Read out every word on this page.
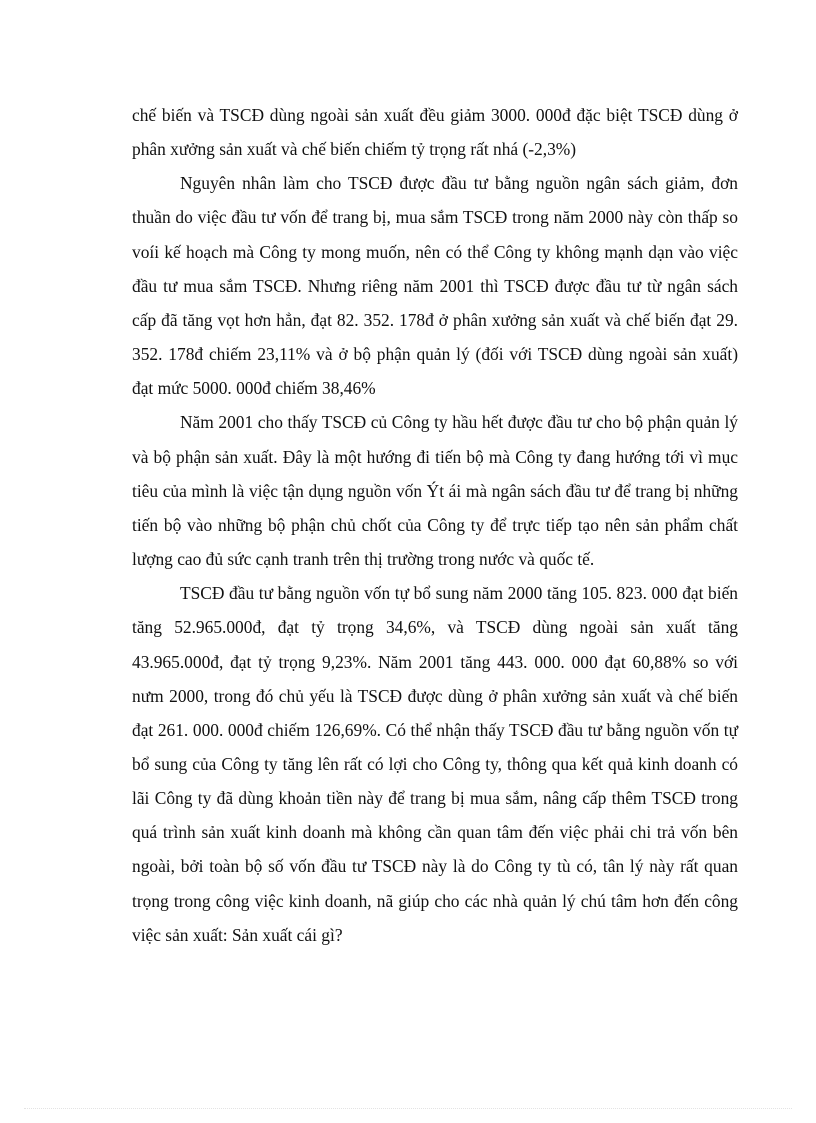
chế biến và TSCĐ dùng ngoài sản xuất đều giảm 3000. 000đ đặc biệt TSCĐ dùng ở phân xưởng sản xuất và chế biến chiếm tỷ trọng rất nhá (-2,3%)

Nguyên nhân làm cho TSCĐ được đầu tư bằng nguồn ngân sách giảm, đơn thuần do việc đầu tư vốn để trang bị, mua sắm TSCĐ trong năm 2000 này còn thấp so voíi kế hoạch mà Công ty mong muốn, nên có thể Công ty không mạnh dạn vào việc đầu tư mua sắm TSCĐ. Nhưng riêng năm 2001 thì TSCĐ được đầu tư từ ngân sách cấp đã tăng vọt hơn hẳn, đạt 82. 352. 178đ ở phân xưởng sản xuất và chế biến đạt 29. 352. 178đ chiếm 23,11% và ở bộ phận quản lý (đối với TSCĐ dùng ngoài sản xuất) đạt mức 5000. 000đ chiếm 38,46%

Năm 2001 cho thấy TSCĐ củ Công ty hầu hết được đầu tư cho bộ phận quản lý và bộ phận sản xuất. Đây là một hướng đi tiến bộ mà Công ty đang hướng tới vì mục tiêu của mình là việc tận dụng nguồn vốn Ýt ái mà ngân sách đầu tư để trang bị những tiến bộ vào những bộ phận chủ chốt của Công ty để trực tiếp tạo nên sản phẩm chất lượng cao đủ sức cạnh tranh trên thị trường trong nước và quốc tế.

TSCĐ đầu tư bằng nguồn vốn tự bổ sung năm 2000 tăng 105. 823. 000 đạt biến tăng 52.965.000đ, đạt tỷ trọng 34,6%, và TSCĐ dùng ngoài sản xuất tăng 43.965.000đ, đạt tỷ trọng 9,23%. Năm 2001 tăng 443. 000. 000 đạt 60,88% so với nưm 2000, trong đó chủ yếu là TSCĐ được dùng ở phân xưởng sản xuất và chế biến đạt 261. 000. 000đ chiếm 126,69%. Có thể nhận thấy TSCĐ đầu tư bằng nguồn vốn tự bổ sung của Công ty tăng lên rất có lợi cho Công ty, thông qua kết quả kinh doanh có lãi Công ty đã dùng khoản tiền này để trang bị mua sắm, nâng cấp thêm TSCĐ trong quá trình sản xuất kinh doanh mà không cần quan tâm đến việc phải chi trả vốn bên ngoài, bởi toàn bộ số vốn đầu tư TSCĐ này là do Công ty tù có, tân lý này rất quan trọng trong công việc kinh doanh, nã giúp cho các nhà quản lý chú tâm hơn đến công việc sản xuất: Sản xuất cái gì?
